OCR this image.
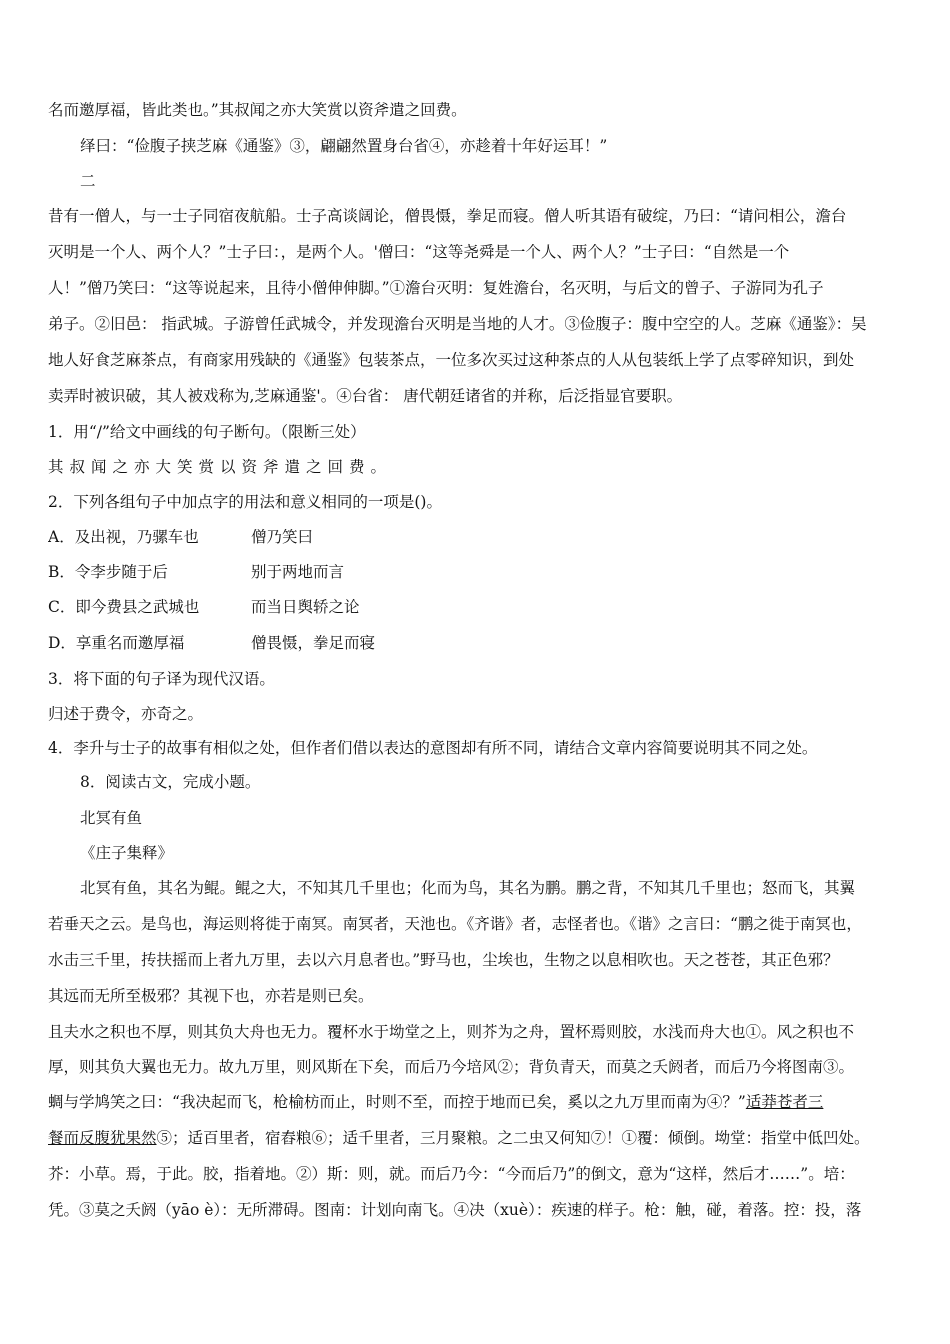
名而邀厚福，皆此类也。”其叔闻之亦大笑赏以资斧遣之回费。
绎曰：“俭腹子挟芝麻《通鉴》③，翩翩然置身台省④，亦趁着十年好运耳！”
二
昔有一僧人，与一士子同宿夜航船。士子高谈阔论，僧畏慑，拳足而寝。僧人听其语有破绽，乃曰：“请问相公，澹台
灭明是一个人、两个人？”士子曰：，是两个人。'僧曰：“这等尧舜是一个人、两个人？”士子曰：“自然是一个
人！”僧乃笑曰：“这等说起来，且待小僧伸伸脚。”①澹台灭明：复姓澹台，名灭明，与后文的曾子、子游同为孔子
弟子。②旧邑： 指武城。子游曾任武城令，并发现澹台灭明是当地的人才。③俭腹子：腹中空空的人。芝麻《通鉴》：吴
地人好食芝麻茶点，有商家用残缺的《通鉴》包装茶点，一位多次买过这种茶点的人从包装纸上学了点零碎知识，到处
卖弄时被识破，其人被戏称为,芝麻通鉴'。④台省： 唐代朝廷诸省的并称，后泛指显官要职。
1．用“/”给文中画线的句子断句。（限断三处）
其叔闻之亦大笑赏以资斧遣之回费。
2．下列各组句子中加点字的用法和意义相同的一项是()。
A．及出视，乃骡车也	僧乃笑曰
B．令李步随于后	别于两地而言
C．即今费县之武城也	而当日舆轿之论
D．享重名而邀厚福	僧畏慑，拳足而寝
3．将下面的句子译为现代汉语。
归述于费令，亦奇之。
4．李升与士子的故事有相似之处，但作者们借以表达的意图却有所不同，请结合文章内容简要说明其不同之处。
8．阅读古文，完成小题。
北冥有鱼
《庄子集释》
北冥有鱼，其名为鲲。鲲之大，不知其几千里也；化而为鸟，其名为鹏。鹏之背，不知其几千里也；怒而飞，其翼
若垂天之云。是鸟也，海运则将徙于南冥。南冥者，天池也。《齐谐》者，志怪者也。《谐》之言曰：“鹏之徙于南冥也，
水击三千里，抟扶摇而上者九万里，去以六月息者也。”野马也，尘埃也，生物之以息相吹也。天之苍苍，其正色邪？
其远而无所至极邪？其视下也，亦若是则已矣。
且夫水之积也不厚，则其负大舟也无力。覆杯水于坳堂之上，则芥为之舟，置杯焉则胶，水浅而舟大也①。风之积也不
厚，则其负大翼也无力。故九万里，则风斯在下矣，而后乃今培风②；背负青天，而莫之夭阏者，而后乃今将图南③。
蜩与学鸠笑之曰：“我决起而飞，枪榆枋而止，时则不至，而控于地而已矣，奚以之九万里而南为④？”适莽苍者三
餐而反腹犹果然⑤；适百里者，宿舂粮⑥；适千里者，三月聚粮。之二虫又何知⑦！①覆：倾倒。坳堂：指堂中低凹处。
芥：小草。焉，于此。胶，指着地。②）斯：则，就。而后乃今：“今而后乃”的倒文，意为“这样，然后才……”。培：
凭。③莫之夭阏（yāo è）：无所滞碍。图南：计划向南飞。④决（xuè）：疾速的样子。枪：触，碰，着落。控：投，落
